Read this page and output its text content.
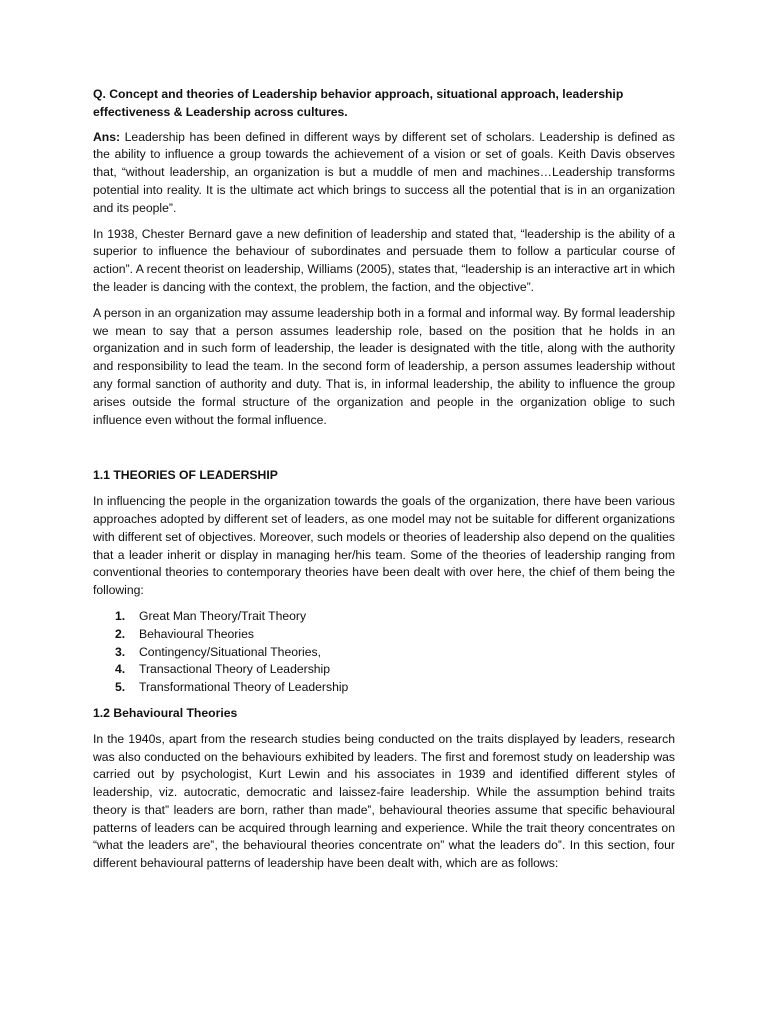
Q. Concept and theories of Leadership behavior approach, situational approach, leadership effectiveness & Leadership across cultures.

Ans: Leadership has been defined in different ways by different set of scholars. Leadership is defined as the ability to influence a group towards the achievement of a vision or set of goals. Keith Davis observes that, “without leadership, an organization is but a muddle of men and machines…Leadership transforms potential into reality. It is the ultimate act which brings to success all the potential that is in an organization and its people”.

In 1938, Chester Bernard gave a new definition of leadership and stated that, “leadership is the ability of a superior to influence the behaviour of subordinates and persuade them to follow a particular course of action”. A recent theorist on leadership, Williams (2005), states that, “leadership is an interactive art in which the leader is dancing with the context, the problem, the faction, and the objective”.

A person in an organization may assume leadership both in a formal and informal way. By formal leadership we mean to say that a person assumes leadership role, based on the position that he holds in an organization and in such form of leadership, the leader is designated with the title, along with the authority and responsibility to lead the team. In the second form of leadership, a person assumes leadership without any formal sanction of authority and duty. That is, in informal leadership, the ability to influence the group arises outside the formal structure of the organization and people in the organization oblige to such influence even without the formal influence.

1.1 THEORIES OF LEADERSHIP

In influencing the people in the organization towards the goals of the organization, there have been various approaches adopted by different set of leaders, as one model may not be suitable for different organizations with different set of objectives. Moreover, such models or theories of leadership also depend on the qualities that a leader inherit or display in managing her/his team. Some of the theories of leadership ranging from conventional theories to contemporary theories have been dealt with over here, the chief of them being the following:

1. Great Man Theory/Trait Theory
2. Behavioural Theories
3. Contingency/Situational Theories,
4. Transactional Theory of Leadership
5. Transformational Theory of Leadership
1.2 Behavioural Theories

In the 1940s, apart from the research studies being conducted on the traits displayed by leaders, research was also conducted on the behaviours exhibited by leaders. The first and foremost study on leadership was carried out by psychologist, Kurt Lewin and his associates in 1939 and identified different styles of leadership, viz. autocratic, democratic and laissez-faire leadership. While the assumption behind traits theory is that” leaders are born, rather than made‟, behavioural theories assume that specific behavioural patterns of leaders can be acquired through learning and experience. While the trait theory concentrates on “what the leaders are‟, the behavioural theories concentrate on” what the leaders do‟. In this section, four different behavioural patterns of leadership have been dealt with, which are as follows:
